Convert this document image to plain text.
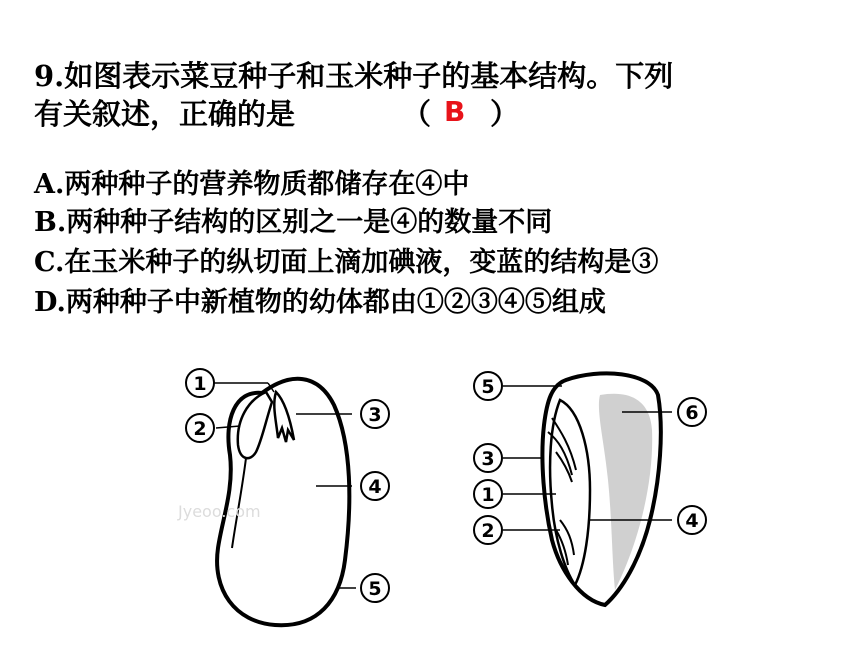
9.如图表示菜豆种子和玉米种子的基本结构。下列
有关叙述，正确的是	（ B ）
A.两种种子的营养物质都储存在④中
B.两种种子结构的区别之一是④的数量不同
C.在玉米种子的纵切面上滴加碘液，变蓝的结构是③
D.两种种子中新植物的幼体都由①②③④⑤组成
1
2
3
4
5
Jyeoo.com
5
6
3
1
2	4
